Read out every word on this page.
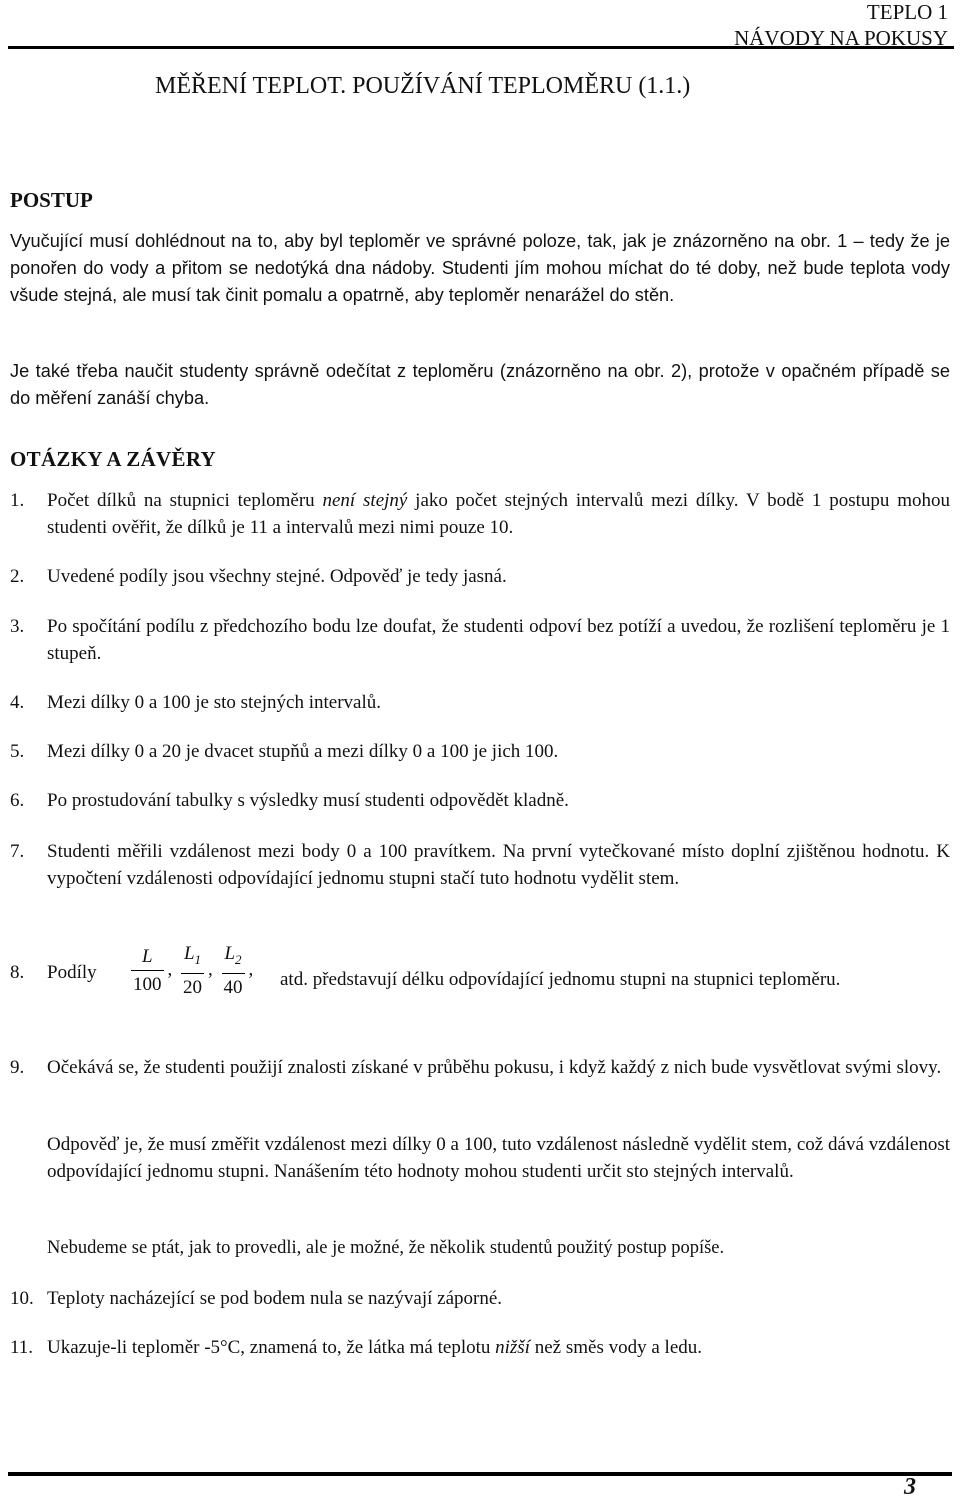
TEPLO 1
NÁVODY NA POKUSY
MĚŘENÍ TEPLOT. POUŽÍVÁNÍ TEPLOMĚRU (1.1.)
POSTUP
Vyučující musí dohlédnout na to, aby byl teploměr ve správné poloze, tak, jak je znázorněno na obr. 1 – tedy že je ponořen do vody a přitom se nedotýká dna nádoby. Studenti jím mohou míchat do té doby, než bude teplota vody všude stejná, ale musí tak činit pomalu a opatrně, aby teploměr nenarážel do stěn.
Je také třeba naučit studenty správně odečítat z teploměru (znázorněno na obr. 2), protože v opačném případě se do měření zanáší chyba.
OTÁZKY A ZÁVĚRY
1. Počet dílků na stupnici teploměru není stejný jako počet stejných intervalů mezi dílky. V bodě 1 postupu mohou studenti ověřit, že dílků je 11 a intervalů mezi nimi pouze 10.
2. Uvedené podíly jsou všechny stejné. Odpověď je tedy jasná.
3. Po spočítání podílu z předchozího bodu lze doufat, že studenti odpoví bez potíží a uvedou, že rozlišení teploměru je 1 stupeň.
4. Mezi dílky 0 a 100 je sto stejných intervalů.
5. Mezi dílky 0 a 20 je dvacet stupňů a mezi dílky 0 a 100 je jich 100.
6. Po prostudování tabulky s výsledky musí studenti odpovědět kladně.
7. Studenti měřili vzdálenost mezi body 0 a 100 pravítkem. Na první vytečkované místo doplní zjištěnou hodnotu. K vypočtení vzdálenosti odpovídající jednomu stupni stačí tuto hodnotu vydělit stem.
8. Podíly $\frac{L}{100}$ , $\frac{L_1}{20}$ , $\frac{L_2}{40}$ ,	atd. představují délku odpovídající jednomu stupni na stupnici teploměru.
9. Očekává se, že studenti použijí znalosti získané v průběhu pokusu, i když každý z nich bude vysvětlovat svými slovy.
Odpověď je, že musí změřit vzdálenost mezi dílky 0 a 100, tuto vzdálenost následně vydělit stem, což dává vzdálenost odpovídající jednomu stupni. Nanášením této hodnoty mohou studenti určit sto stejných intervalů.
Nebudeme se ptát, jak to provedli, ale je možné, že několik studentů použitý postup popíše.
10. Teploty nacházející se pod bodem nula se nazývají záporné.
11. Ukazuje-li teploměr -5°C, znamená to, že látka má teplotu nižší než směs vody a ledu.
3
